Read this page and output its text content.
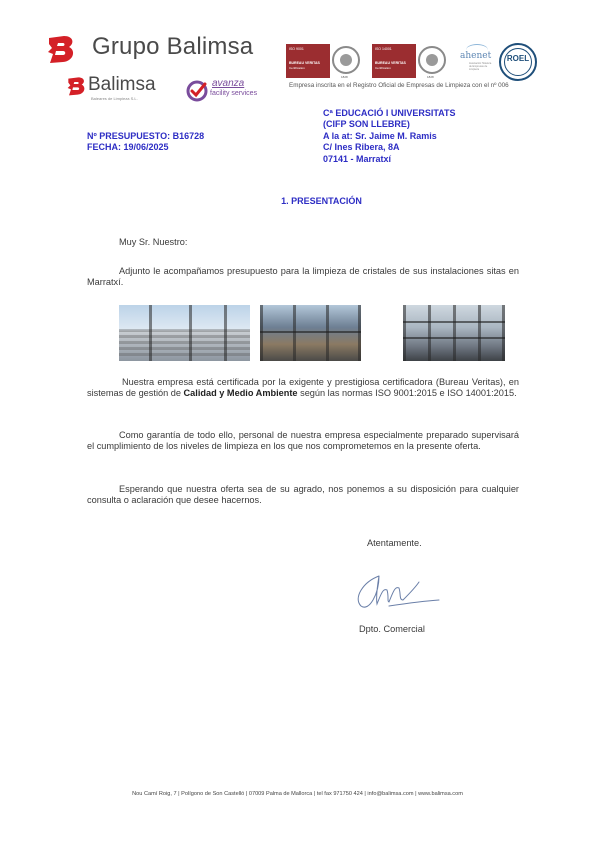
Grupo Balimsa
Balimsa
Baleares de Limpieza S.L.
avanza
facility services
ISO 9001
BUREAU VERITAS
Certification
1828
ISO 14001
BUREAU VERITAS
Certification
1828
ahenet
Asociación Hotelera de Empresas de Limpieza
ROEL
Empresa inscrita en el Registro Oficial de Empresas de Limpieza con el nº 006
Nº PRESUPUESTO: B16728
FECHA: 19/06/2025
Cª EDUCACIÓ I UNIVERSITATS
(CIFP SON LLEBRE)
A la at: Sr. Jaime M. Ramis
C/ Ines Ribera, 8A
07141 - Marratxí
1. PRESENTACIÓN
Muy Sr. Nuestro:
Adjunto le acompañamos presupuesto para la limpieza de cristales de sus instalaciones sitas en Marratxí.
Nuestra empresa está certificada por la exigente y prestigiosa certificadora (Bureau Veritas), en sistemas de gestión de Calidad y Medio Ambiente según las normas ISO 9001:2015 e ISO 14001:2015.
Como garantía de todo ello, personal de nuestra empresa especialmente preparado supervisará el cumplimiento de los niveles de limpieza en los que nos comprometemos en la presente oferta.
Esperando que nuestra oferta sea de su agrado, nos ponemos a su disposición para cualquier consulta o aclaración que desee hacernos.
Atentamente.
Dpto. Comercial
Nou Camí Roig, 7 | Polígono de Son Castelló | 07009 Palma de Mallorca | tel fax 971750 424 | info@balimsa.com | www.balimsa.com
